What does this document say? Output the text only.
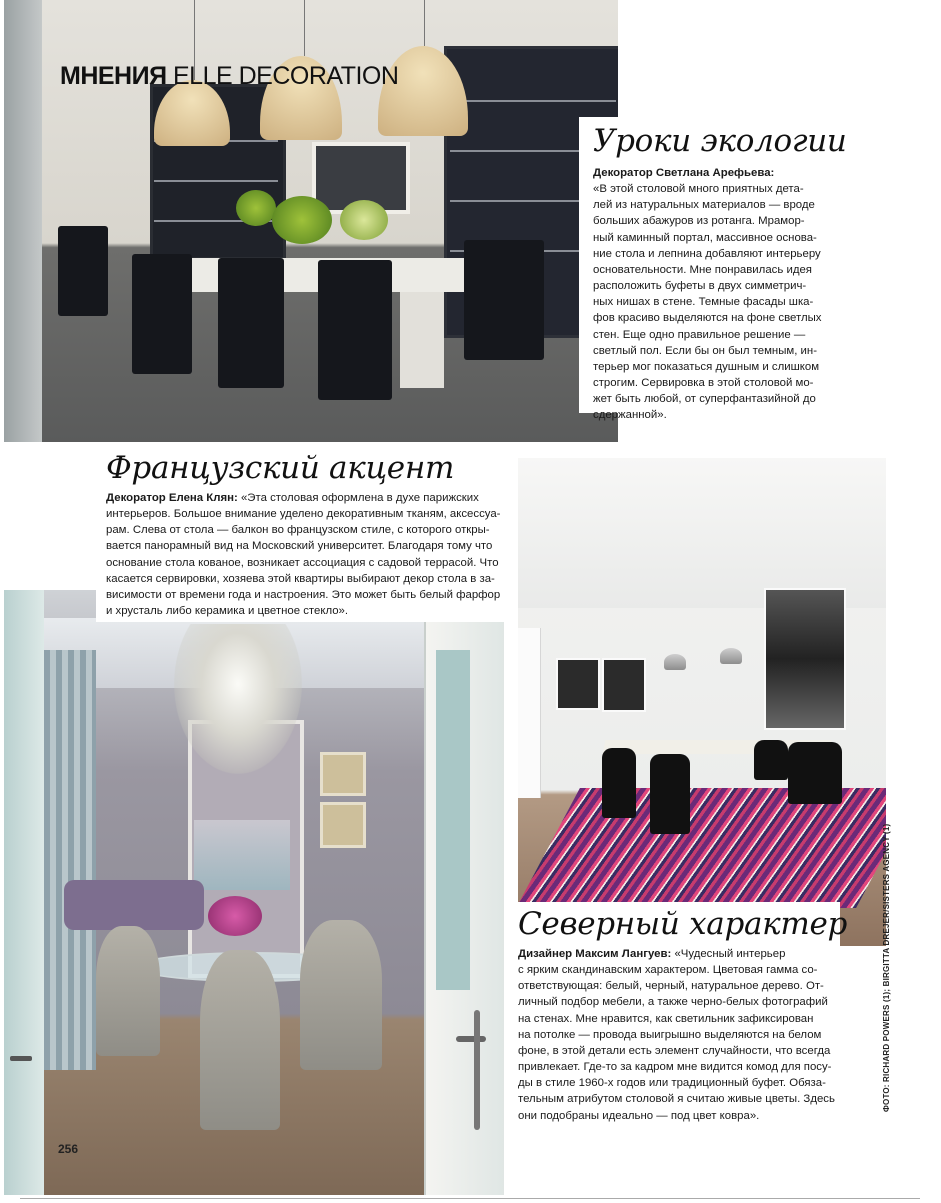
МНЕНИЯ ELLE DECORATION
Уроки экологии
Декоратор Светлана Арефьева:
«В этой столовой много приятных дета-
лей из натуральных материалов — вроде
больших абажуров из ротанга. Мрамор-
ный каминный портал, массивное основа-
ние стола и лепнина добавляют интерьеру
основательности. Мне понравилась идея
расположить буфеты в двух симметрич-
ных нишах в стене. Темные фасады шка-
фов красиво выделяются на фоне светлых
стен. Еще одно правильное решение —
светлый пол. Если бы он был темным, ин-
терьер мог показаться душным и слишком
строгим. Сервировка в этой столовой мо-
жет быть любой, от суперфантазийной до
сдержанной».
Французский акцент
Декоратор Елена Клян: «Эта столовая оформлена в духе парижских
интерьеров. Большое внимание уделено декоративным тканям, аксессуа-
рам. Слева от стола — балкон во французском стиле, с которого откры-
вается панорамный вид на Московский университет. Благодаря тому что
основание стола кованое, возникает ассоциация с садовой террасой. Что
касается сервировки, хозяева этой квартиры выбирают декор стола в за-
висимости от времени года и настроения. Это может быть белый фарфор
и хрусталь либо керамика и цветное стекло».
Северный характер
Дизайнер Максим Лангуев: «Чудесный интерьер
с ярким скандинавским характером. Цветовая гамма со-
ответствующая: белый, черный, натуральное дерево. От-
личный подбор мебели, а также черно-белых фотографий
на стенах. Мне нравится, как светильник зафиксирован
на потолке — провода выигрышно выделяются на белом
фоне, в этой детали есть элемент случайности, что всегда
привлекает. Где-то за кадром мне видится комод для посу-
ды в стиле 1960-х годов или традиционный буфет. Обяза-
тельным атрибутом столовой я считаю живые цветы. Здесь
они подобраны идеально — под цвет ковра».
256
ФОТО: RICHARD POWERS (1); BIRGITTA DREJER/SISTERS AGENCY (1)
